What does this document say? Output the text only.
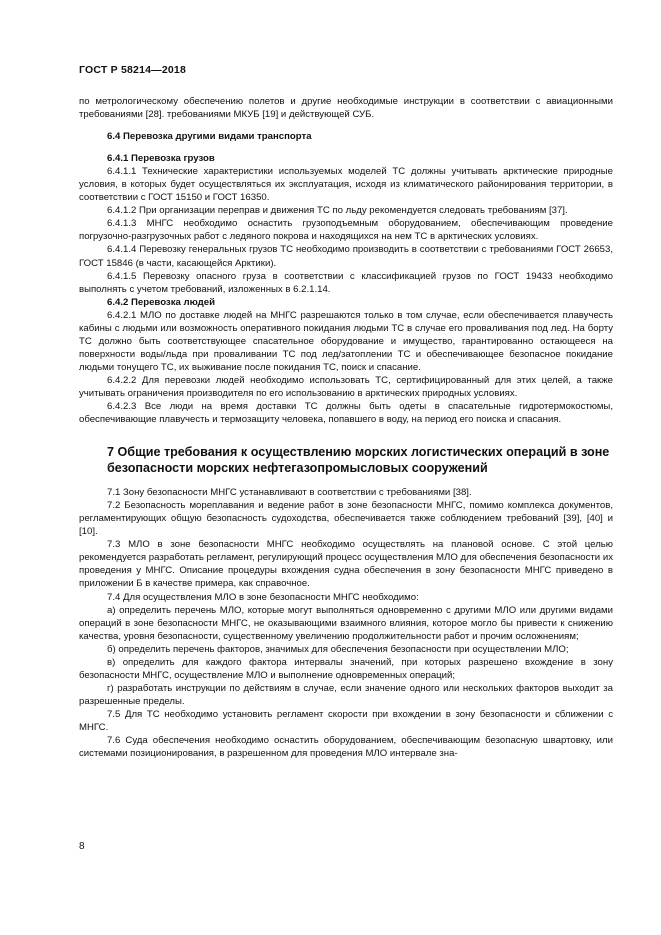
ГОСТ Р 58214—2018

по метрологическому обеспечению полетов и другие необходимые инструкции в соответствии с авиационными требованиями [28]. требованиями МКУБ [19] и действующей СУБ.

6.4 Перевозка другими видами транспорта

6.4.1 Перевозка грузов

6.4.1.1 Технические характеристики используемых моделей ТС должны учитывать арктические природные условия, в которых будет осуществляться их эксплуатация, исходя из климатического районирования территории, в соответствии с ГОСТ 15150 и ГОСТ 16350.

6.4.1.2 При организации переправ и движения ТС по льду рекомендуется следовать требованиям [37].

6.4.1.3 МНГС необходимо оснастить грузоподъемным оборудованием, обеспечивающим проведение погрузочно-разгрузочных работ с ледяного покрова и находящихся на нем ТС в арктических условиях.

6.4.1.4 Перевозку генеральных грузов ТС необходимо производить в соответствии с требованиями ГОСТ 26653, ГОСТ 15846 (в части, касающейся Арктики).

6.4.1.5 Перевозку опасного груза в соответствии с классификацией грузов по ГОСТ 19433 необходимо выполнять с учетом требований, изложенных в 6.2.1.14.

6.4.2 Перевозка людей

6.4.2.1 МЛО по доставке людей на МНГС разрешаются только в том случае, если обеспечивается плавучесть кабины с людьми или возможность оперативного покидания людьми ТС в случае его проваливания под лед. На борту ТС должно быть соответствующее спасательное оборудование и имущество, гарантированно остающееся на поверхности воды/льда при проваливании ТС под лед/затоплении ТС и обеспечивающее безопасное покидание людьми тонущего ТС, их выживание после покидания ТС, поиск и спасание.

6.4.2.2 Для перевозки людей необходимо использовать ТС, сертифицированный для этих целей, а также учитывать ограничения производителя по его использованию в арктических природных условиях.

6.4.2.3 Все люди на время доставки ТС должны быть одеты в спасательные гидротермокостюмы, обеспечивающие плавучесть и термозащиту человека, попавшего в воду, на период его поиска и спасания.

7 Общие требования к осуществлению морских логистических операций в зоне безопасности морских нефтегазопромысловых сооружений

7.1 Зону безопасности МНГС устанавливают в соответствии с требованиями [38].

7.2 Безопасность мореплавания и ведение работ в зоне безопасности МНГС, помимо комплекса документов, регламентирующих общую безопасность судоходства, обеспечивается также соблюдением требований [39], [40] и [10].

7.3 МЛО в зоне безопасности МНГС необходимо осуществлять на плановой основе. С этой целью рекомендуется разработать регламент, регулирующий процесс осуществления МЛО для обеспечения безопасности их проведения у МНГС. Описание процедуры вхождения судна обеспечения в зону безопасности МНГС приведено в приложении Б в качестве примера, как справочное.

7.4 Для осуществления МЛО в зоне безопасности МНГС необходимо:

а) определить перечень МЛО, которые могут выполняться одновременно с другими МЛО или другими видами операций в зоне безопасности МНГС, не оказывающими взаимного влияния, которое могло бы привести к снижению качества, уровня безопасности, существенному увеличению продолжительности работ и прочим осложнениям;

б) определить перечень факторов, значимых для обеспечения безопасности при осуществлении МЛО;

в) определить для каждого фактора интервалы значений, при которых разрешено вхождение в зону безопасности МНГС, осуществление МЛО и выполнение одновременных операций;

г) разработать инструкции по действиям в случае, если значение одного или нескольких факторов выходит за разрешенные пределы.

7.5 Для ТС необходимо установить регламент скорости при вхождении в зону безопасности и сближении с МНГС.

7.6 Суда обеспечения необходимо оснастить оборудованием, обеспечивающим безопасную швартовку, или системами позиционирования, в разрешенном для проведения МЛО интервале зна-

8
